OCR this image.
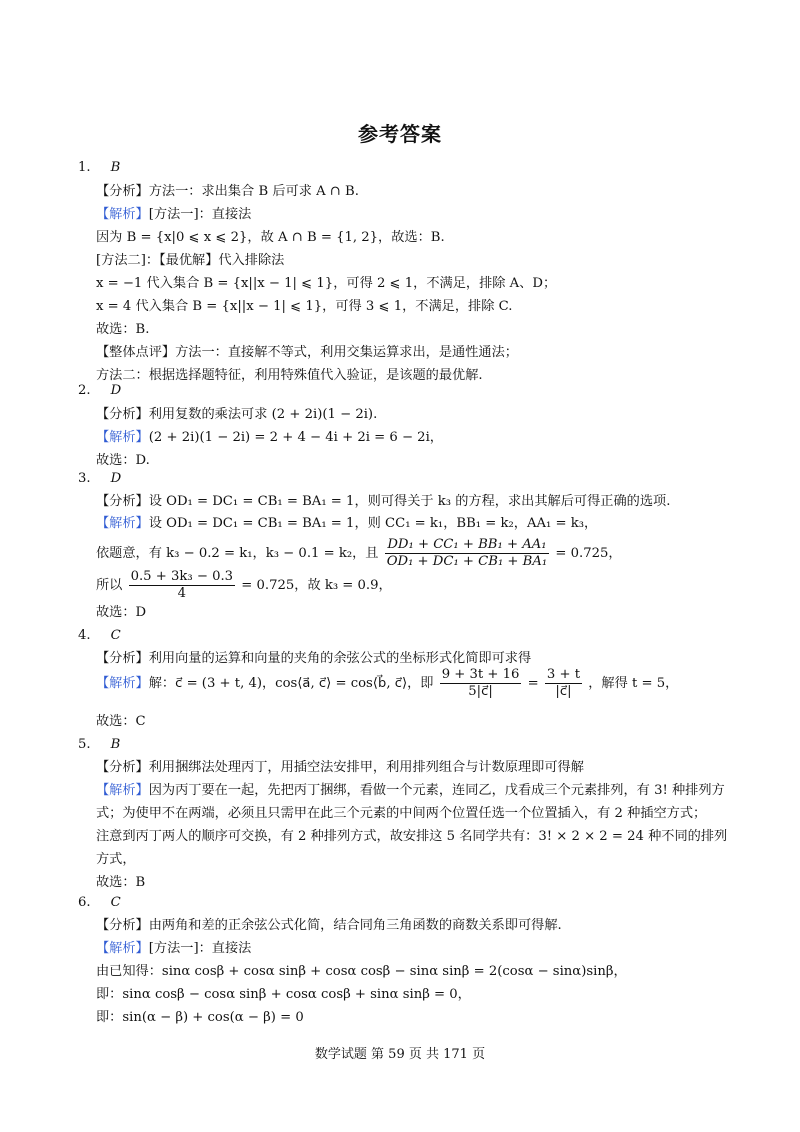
参考答案
1. B
【分析】方法一：求出集合 B 后可求 A ∩ B.
【解析】[方法一]：直接法
因为 B = {x|0 ⩽ x ⩽ 2}，故 A ∩ B = {1, 2}，故选：B.
[方法二]：【最优解】代入排除法
x = −1 代入集合 B = {x||x − 1| ⩽ 1}，可得 2 ⩽ 1，不满足，排除 A、D；
x = 4 代入集合 B = {x||x − 1| ⩽ 1}，可得 3 ⩽ 1，不满足，排除 C.
故选：B.
【整体点评】方法一：直接解不等式，利用交集运算求出，是通性通法；
方法二：根据选择题特征，利用特殊值代入验证，是该题的最优解.
2. D
【分析】利用复数的乘法可求 (2 + 2i)(1 − 2i).
【解析】(2 + 2i)(1 − 2i) = 2 + 4 − 4i + 2i = 6 − 2i，
故选：D.
3. D
【分析】设 OD₁ = DC₁ = CB₁ = BA₁ = 1，则可得关于 k₃ 的方程，求出其解后可得正确的选项.
【解析】设 OD₁ = DC₁ = CB₁ = BA₁ = 1，则 CC₁ = k₁，BB₁ = k₂，AA₁ = k₃，
依题意，有 k₃ − 0.2 = k₁，k₃ − 0.1 = k₂，且 $\frac{\text{DD₁ + CC₁ + BB₁ + AA₁}}{\text{OD₁ + DC₁ + CB₁ + BA₁}} = 0.725$，
所以 $\frac{\text{0.5 + 3k₃ − 0.3}}{4} = 0.725$，故 k₃ = 0.9，
故选：D
4. C
【分析】利用向量的运算和向量的夹角的余弦公式的坐标形式化简即可求得
【解析】解：c⃗ = (3 + t, 4)，cos⟨a⃗, c⃗⟩ = cos⟨b⃗, c⃗⟩，即 $\frac{9 + 3t + 16}{5|c⃗|} = \frac{3 + t}{|c⃗|}$ ，解得 t = 5，
故选：C
5. B
【分析】利用捆绑法处理丙丁，用插空法安排甲，利用排列组合与计数原理即可得解
【解析】因为丙丁要在一起，先把丙丁捆绑，看做一个元素，连同乙，戊看成三个元素排列，有 3! 种排列方
式；为使甲不在两端，必须且只需甲在此三个元素的中间两个位置任选一个位置插入，有 2 种插空方式；
注意到丙丁两人的顺序可交换，有 2 种排列方式，故安排这 5 名同学共有：3! × 2 × 2 = 24 种不同的排列
方式，
故选：B
6. C
【分析】由两角和差的正余弦公式化简，结合同角三角函数的商数关系即可得解.
【解析】[方法一]：直接法
由已知得：sinα cosβ + cosα sinβ + cosα cosβ − sinα sinβ = 2(cosα − sinα)sinβ，
即：sinα cosβ − cosα sinβ + cosα cosβ + sinα sinβ = 0，
即：sin(α − β) + cos(α − β) = 0
数学试题 第 59 页 共 171 页
